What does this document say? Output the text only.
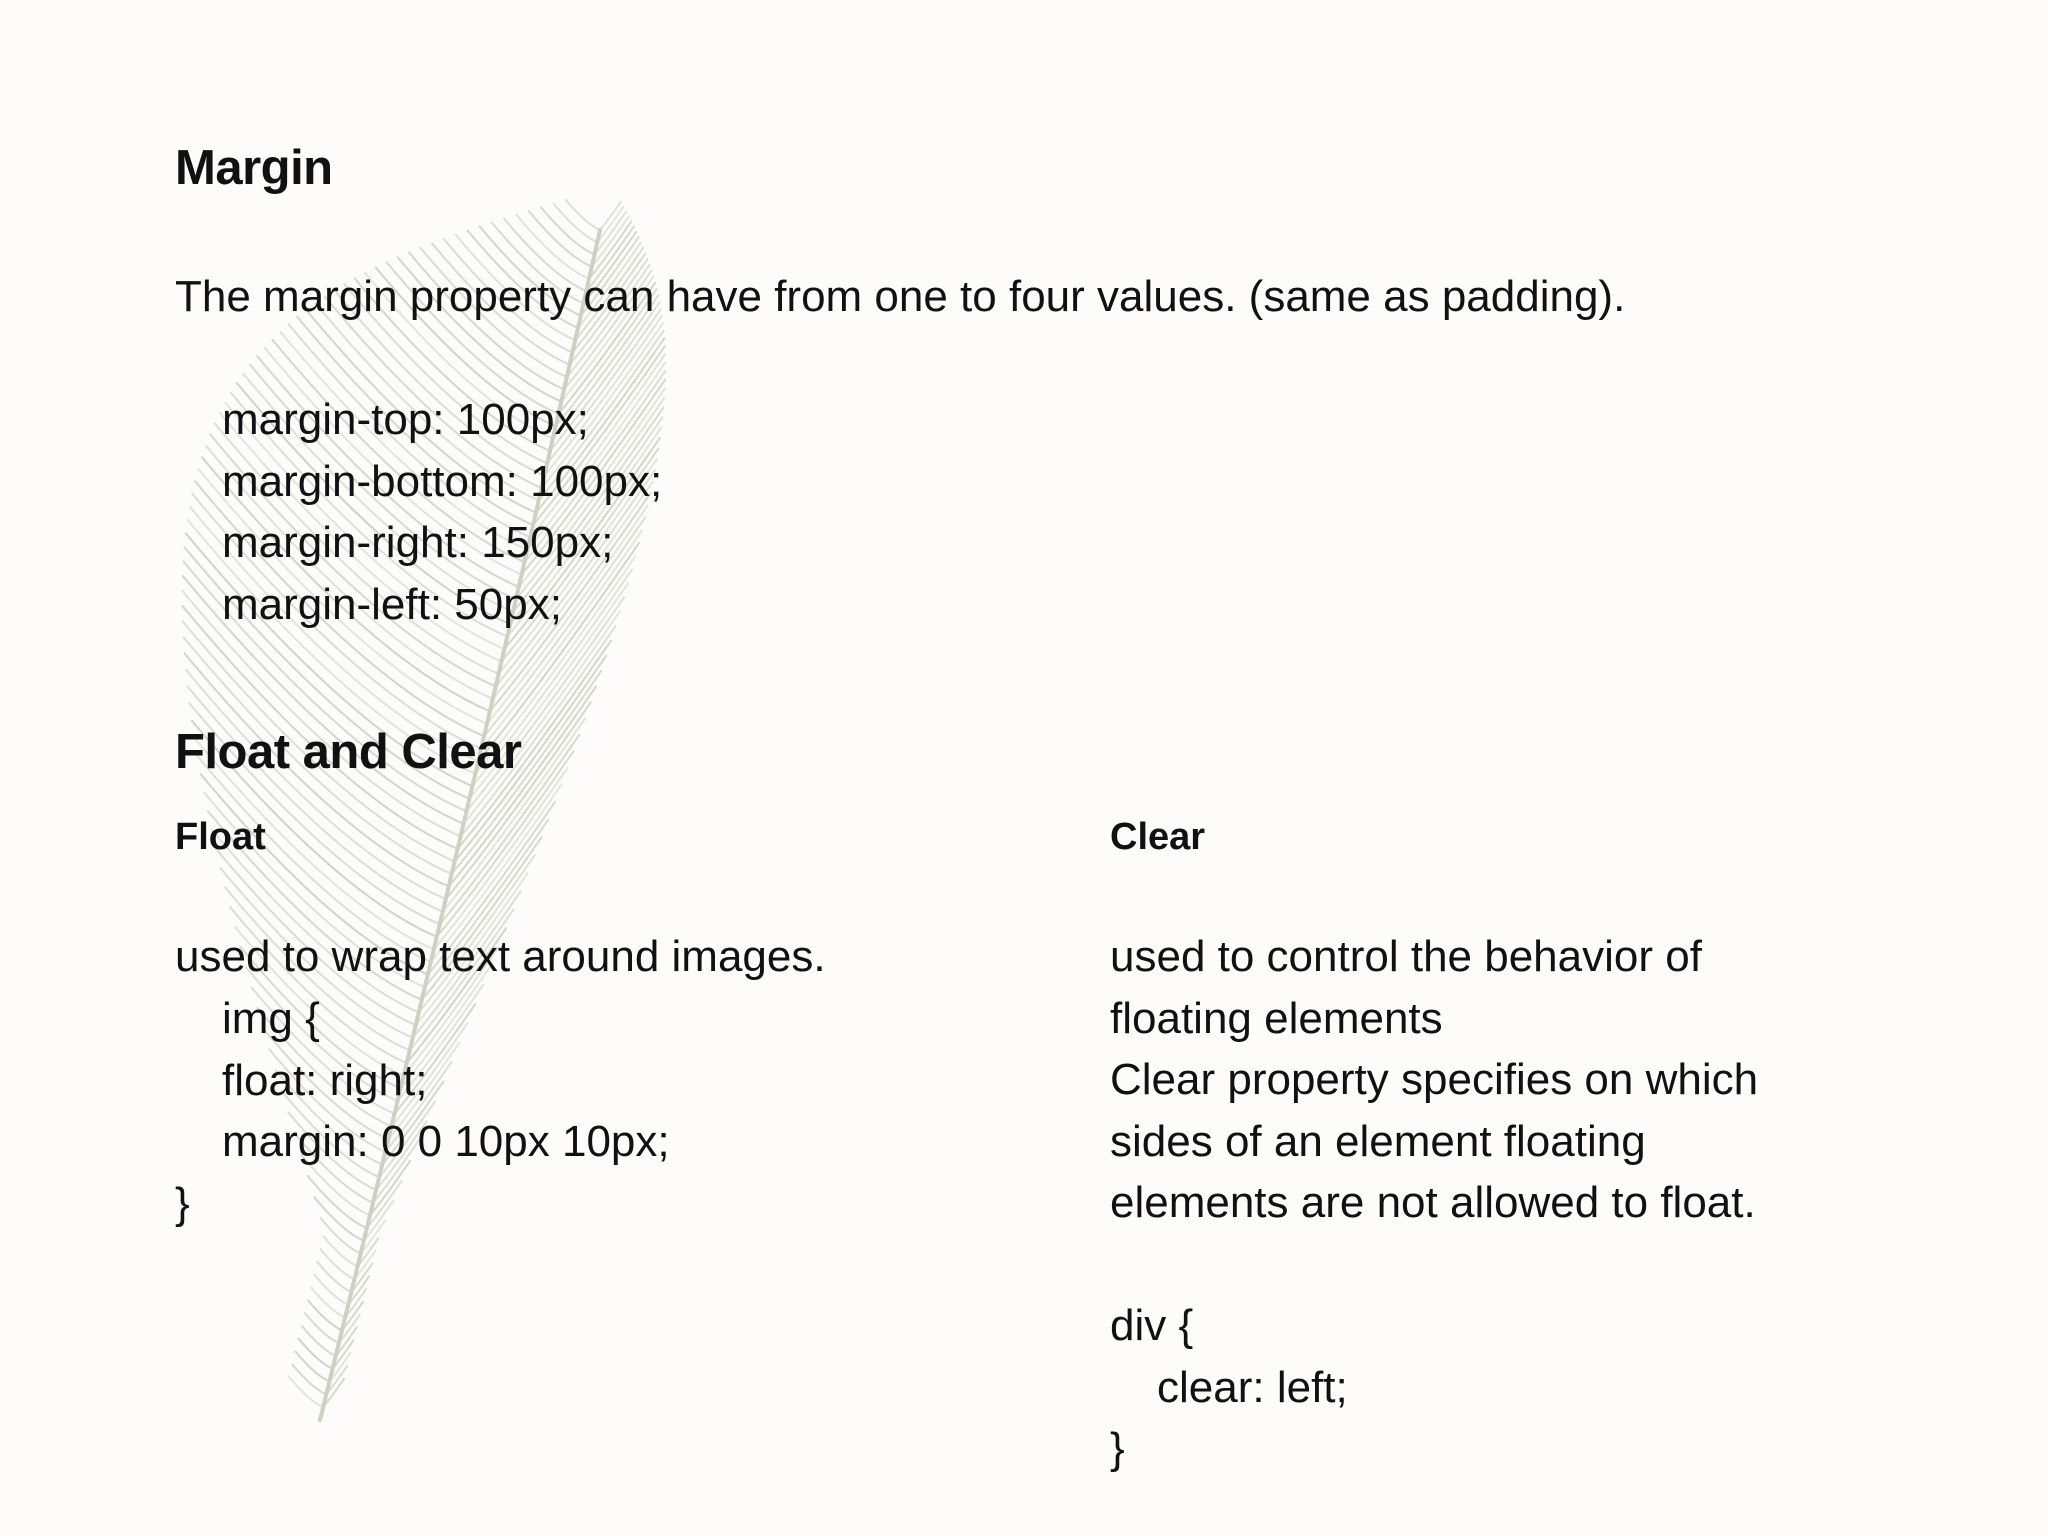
Margin
The margin property can have from one to four values. (same as padding).
margin-top: 100px;
margin-bottom: 100px;
margin-right: 150px;
margin-left: 50px;
Float and Clear
Float	Clear
used to wrap text around images.
img {
float: right;
margin: 0 0 10px 10px;
}
used to control the behavior of
floating elements
Clear property specifies on which
sides of an element floating
elements are not allowed to float.
div {
clear: left;
}
